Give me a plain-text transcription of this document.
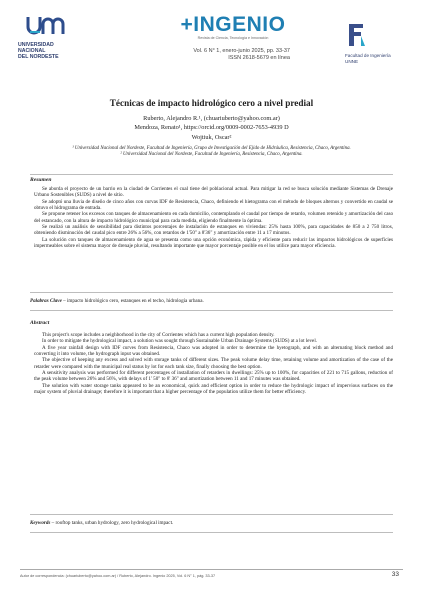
UNIVERSIDAD
NACIONAL
DEL NORDESTE
+INGENIO
Revista de Ciencia, Tecnología e Innovación
Vol. 6 N° 1, enero-junio 2025, pp. 33-37
ISSN 2618-5679 en línea	Facultad de Ingeniería
UNNE
Técnicas de impacto hidrológico cero a nivel predial
Ruberto, Alejandro R.¹, (chuariuberto@yahoo.com.ar)
Mendoza, Renato¹, https://orcid.org/0009-0002-7653-4939 D
Wojtiuk, Oscar²
¹ Universidad Nacional del Nordeste, Facultad de Ingeniería, Grupo de Investigación del Ejido de Hidráulica, Resistencia, Chaco, Argentina.
² Universidad Nacional del Nordeste, Facultad de Ingeniería, Resistencia, Chaco, Argentina.
Resumen

Se aborda el proyecto de un barrio en la ciudad de Corrientes el cual tiene del poblacional actual. Para mitigar la red se busca solución mediante Sistemas de Drenaje Urbano Sostenibles (SUDS) a nivel de sitio.

Se adoptó una lluvia de diseño de cinco años con curvas IDF de Resistencia, Chaco, definiendo el hietograma con el método de bloques alternos y convertido en caudal se obtuvo el hidrograma de entrada.

Se propone retener los excesos con tanques de almacenamiento en cada domicilio, contemplando el caudal por tiempo de retardo, volumen retenido y amortización del caso del estancado, con la altura de impacto hidrológico municipal para cada medida, eligiendo finalmente la óptima.

Se realizó un análisis de sensibilidad para distintos porcentajes de instalación de estanques en viviendas: 25% hasta 100%, para capacidades de 850 a 2 750 litros, obteniendo disminución del caudal pico entre 26% a 56%, con retardos de 1'50" a 8'36" y amortización entre 11 a 17 minutos.

La solución con tanques de almacenamiento de agua se presenta como una opción económica, rápida y eficiente para reducir las impactos hidrológicos de superficies impermeables sobre el sistema mayor de drenaje pluvial, resultando importante que mayor porcentaje posible en el los utilice para mayor eficiencia.

Palabras Clave – impacto hidrológico cero, estanques en el techo, hidrología urbana.
Abstract

This project's scope includes a neighborhood in the city of Corrientes which has a current high population density.

In order to mitigate the hydrological impact, a solution was sought through Sustainable Urban Drainage Systems (SUDS) at a lot level.

A five year rainfall design with IDF curves from Resistencia, Chaco was adopted in order to determine the hyetograph, and with an alternating block method and converting it into volume, the hydrograph input was obtained.

The objective of keeping any excess and solved with storage tanks of different sizes. The peak volume delay time, retaining volume and amortization of the case of the retarder were compared with the municipal real status by lot for each tank size, finally choosing the best option.

A sensitivity analysis was performed for different percentages of installation of retarders in dwellings: 25% up to 100%, for capacities of 221 to 715 gallons, reduction of the peak volume between 26% and 56%, with delays of 1' 50" to 8' 36" and amortization between 11 and 17 minutes was obtained.

The solution with water storage tanks appeared to be an economical, quick and efficient option in order to reduce the hydrologic impact of impervious surfaces on the major system of pluvial drainage; therefore it is important that a higher percentage of the population utilize them for better efficiency.

Keywords – rooftop tanks, urban hydrology, zero hydrological impact.
Autor de correspondencia: (chuariuberto@yahoo.com.ar) / Ruberto, Alejandro. Ingenio 2025, Vol. 6 N° 1, pág. 33-37	33
